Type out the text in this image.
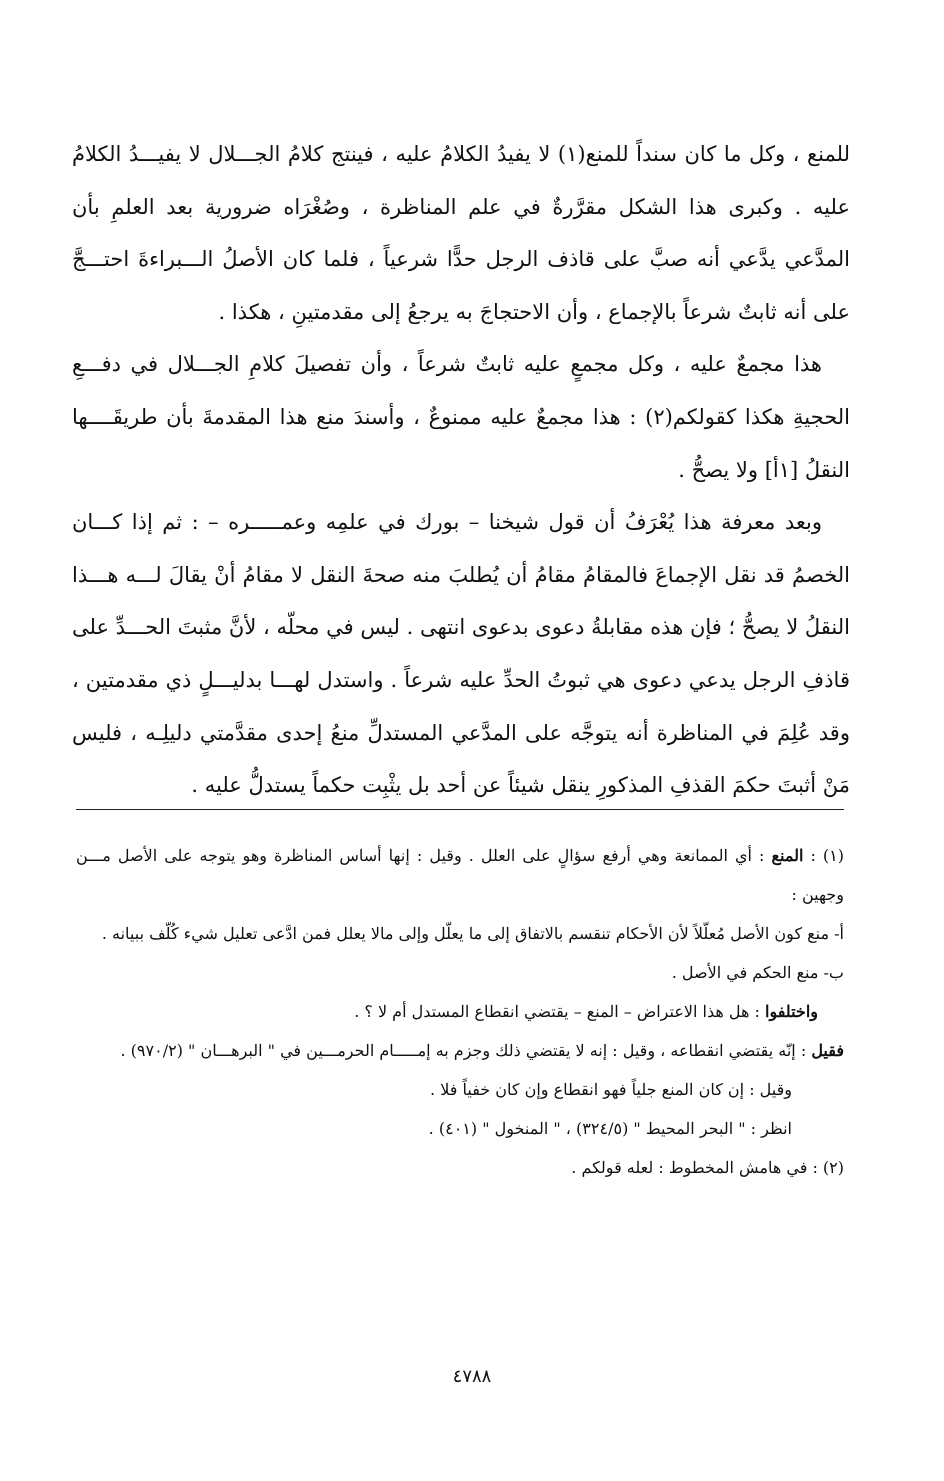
للمنع ، وكل ما كان سنداً للمنع(١) لا يفيدُ الكلامُ عليه ، فينتج كلامُ الجـــلال لا يفيـــدُ الكلامُ عليه . وكبرى هذا الشكل مقرَّرةٌ في علم المناظرة ، وصُغْرَاه ضرورية بعد العلمِ بأن المدَّعي يدَّعي أنه صبَّ على قاذف الرجل حدًّا شرعياً ، فلما كان الأصلُ الـــبراءةَ احتـــجَّ على أنه ثابتٌ شرعاً بالإجماع ، وأن الاحتجاجَ به يرجعُ إلى مقدمتينِ ، هكذا .

هذا مجمعٌ عليه ، وكل مجمعٍ عليه ثابتٌ شرعاً ، وأن تفصيلَ كلامِ الجـــلال في دفـــعِ الحجيةِ هكذا كقولكم(٢) : هذا مجمعٌ عليه ممنوعٌ ، وأسندَ منع هذا المقدمةَ بأن طريقَــــها النقلُ [١أ] ولا يصحُّ .

وبعد معرفة هذا يُعْرَفُ أن قول شيخنا – بورك في علمِه وعمـــــره – : ثم إذا كـــان الخصمُ قد نقل الإجماعَ فالمقامُ مقامُ أن يُطلبَ منه صحةَ النقل لا مقامُ أنْ يقالَ لـــه هـــذا النقلُ لا يصحُّ ؛ فإن هذه مقابلةُ دعوى بدعوى انتهى . ليس في محلّه ، لأنَّ مثبتَ الحـــدِّ على قاذفِ الرجل يدعي دعوى هي ثبوتُ الحدِّ عليه شرعاً . واستدل لهـــا بدليـــلٍ ذي مقدمتين ، وقد عُلِمَ في المناظرة أنه يتوجَّه على المدَّعي المستدلِّ منعُ إحدى مقدَّمتي دليلِـه ، فليس مَنْ أثبتَ حكمَ القذفِ المذكورِ ينقل شيئاً عن أحد بل يثْبِت حكماً يستدلُّ عليه .

(١) : المنع : أي الممانعة وهي أرفع سؤالٍ على العلل . وقيل : إنها أساس المناظرة وهو يتوجه على الأصل مـــن وجهين :

أ- منع كون الأصل مُعلّلاً لأن الأحكام تنقسم بالاتفاق إلى ما يعلّل وإلى مالا يعلل فمن ادَّعى تعليل شيء كُلّف ببيانه .

ب- منع الحكم في الأصل .

واختلفوا : هل هذا الاعتراض – المنع – يقتضي انقطاع المستدل أم لا ؟ .

فقيل : إنّه يقتضي انقطاعه ، وقيل : إنه لا يقتضي ذلك وجزم به إمـــــام الحرمـــين في " البرهـــان " (٩٧٠/٢) .

وقيل : إن كان المنع جلياً فهو انقطاع وإن كان خفياً فلا .

انظر : " البحر المحيط " (٣٢٤/٥) ، " المنخول " (٤٠١) .

(٢) : في هامش المخطوط : لعله قولكم .

٤٧٨٨
